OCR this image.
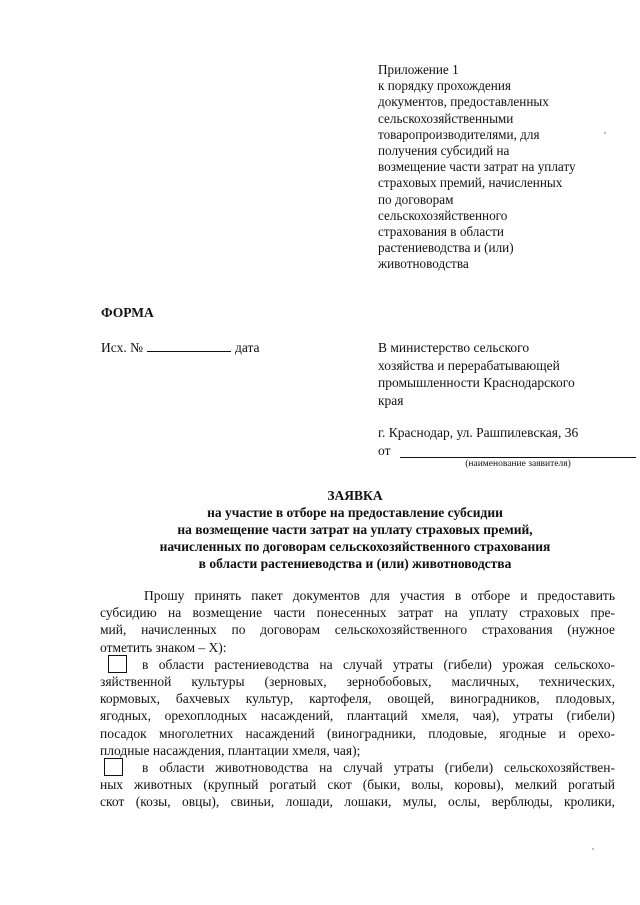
Приложение 1
к порядку прохождения
документов, предоставленных
сельскохозяйственными
товаропроизводителями, для
получения субсидий на
возмещение части затрат на уплату
страховых премий, начисленных
по договорам
сельскохозяйственного
страхования в области
растениеводства и (или)
животноводства
ФОРМА
Исх. №	дата	В министерство сельского
хозяйства и перерабатывающей
промышленности Краснодарского
края
г. Краснодар, ул. Рашпилевская, 36
от
(наименование заявителя)
ЗАЯВКА
на участие в отборе на предоставление субсидии
на возмещение части затрат на уплату страховых премий,
начисленных по договорам сельскохозяйственного страхования
в области растениеводства и (или) животноводства
Прошу принять пакет документов для участия в отборе и предоставить
субсидию на возмещение части понесенных затрат на уплату страховых пре-
мий, начисленных по договорам сельскохозяйственного страхования (нужное
отметить знаком – X):
в области растениеводства на случай утраты (гибели) урожая сельскохо-
зяйственной культуры (зерновых, зернобобовых, масличных, технических,
кормовых, бахчевых культур, картофеля, овощей, виноградников, плодовых,
ягодных, орехоплодных насаждений, плантаций хмеля, чая), утраты (гибели)
посадок многолетних насаждений (виноградники, плодовые, ягодные и орехо-
плодные насаждения, плантации хмеля, чая);
в области животноводства на случай утраты (гибели) сельскохозяйствен-
ных животных (крупный рогатый скот (быки, волы, коровы), мелкий рогатый
скот (козы, овцы), свиньи, лошади, лошаки, мулы, ослы, верблюды, кролики,
